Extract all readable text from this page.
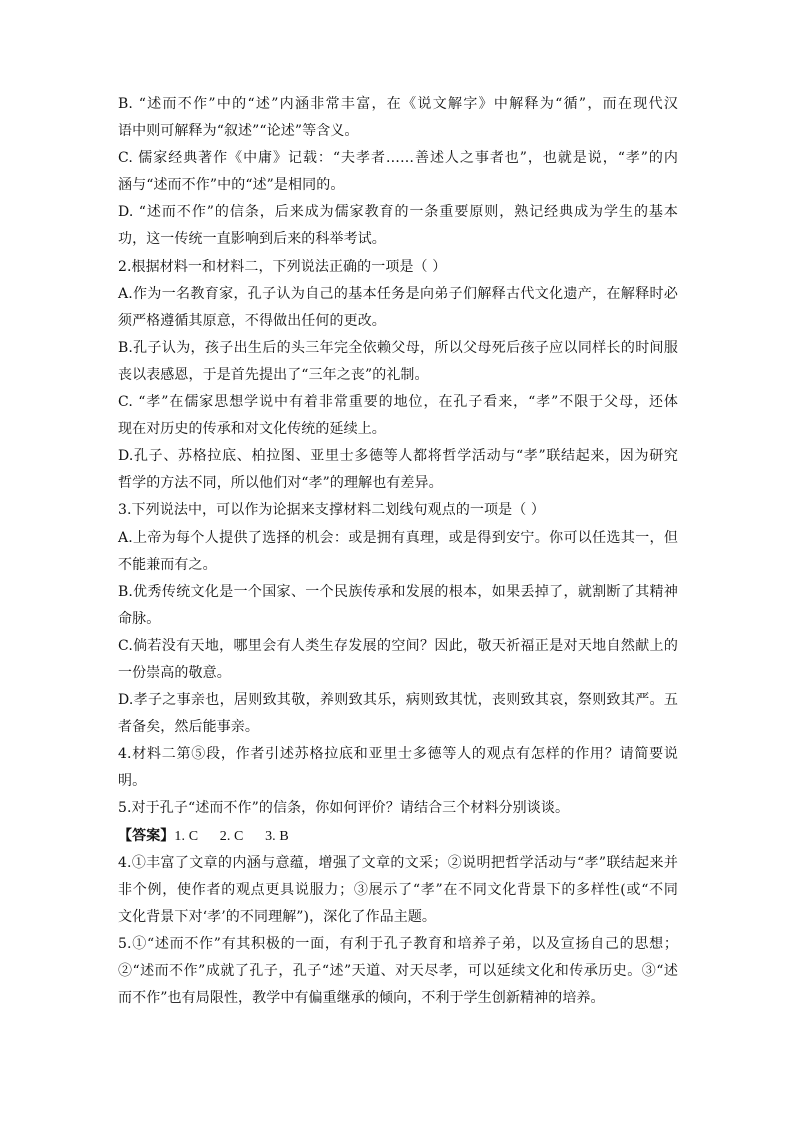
B. “述而不作”中的“述”内涵非常丰富，在《说文解字》中解释为“循”，而在现代汉
语中则可解释为“叙述”“论述”等含义。
C. 儒家经典著作《中庸》记载：“夫孝者……善述人之事者也”，也就是说，“孝”的内
涵与“述而不作”中的“述”是相同的。
D. “述而不作”的信条，后来成为儒家教育的一条重要原则，熟记经典成为学生的基本
功，这一传统一直影响到后来的科举考试。
2.根据材料一和材料二，下列说法正确的一项是（ ）
A.作为一名教育家，孔子认为自己的基本任务是向弟子们解释古代文化遗产，在解释时必
须严格遵循其原意，不得做出任何的更改。
B.孔子认为，孩子出生后的头三年完全依赖父母，所以父母死后孩子应以同样长的时间服
丧以表感恩，于是首先提出了“三年之丧”的礼制。
C. “孝”在儒家思想学说中有着非常重要的地位，在孔子看来，“孝”不限于父母，还体
现在对历史的传承和对文化传统的延续上。
D.孔子、苏格拉底、柏拉图、亚里士多德等人都将哲学活动与“孝”联结起来，因为研究
哲学的方法不同，所以他们对“孝”的理解也有差异。
3.下列说法中，可以作为论据来支撑材料二划线句观点的一项是（ ）
A.上帝为每个人提供了选择的机会：或是拥有真理，或是得到安宁。你可以任选其一，但
不能兼而有之。
B.优秀传统文化是一个国家、一个民族传承和发展的根本，如果丢掉了，就割断了其精神
命脉。
C.倘若没有天地，哪里会有人类生存发展的空间？因此，敬天祈福正是对天地自然献上的
一份崇高的敬意。
D.孝子之事亲也，居则致其敬，养则致其乐，病则致其忧，丧则致其哀，祭则致其严。五
者备矣，然后能事亲。
4.材料二第⑤段，作者引述苏格拉底和亚里士多德等人的观点有怎样的作用？请简要说
明。
5.对于孔子“述而不作”的信条，你如何评价？请结合三个材料分别谈谈。
【答案】1. C      2. C      3. B
4.①丰富了文章的内涵与意蕴，增强了文章的文采；②说明把哲学活动与“孝”联结起来并
非个例，使作者的观点更具说服力；③展示了“孝”在不同文化背景下的多样性(或“不同
文化背景下对‘孝’的不同理解”)，深化了作品主题。
5.①“述而不作”有其积极的一面，有利于孔子教育和培养子弟，以及宣扬自己的思想；
②“述而不作”成就了孔子，孔子“述”天道、对天尽孝，可以延续文化和传承历史。③“述
而不作”也有局限性，教学中有偏重继承的倾向，不利于学生创新精神的培养。
